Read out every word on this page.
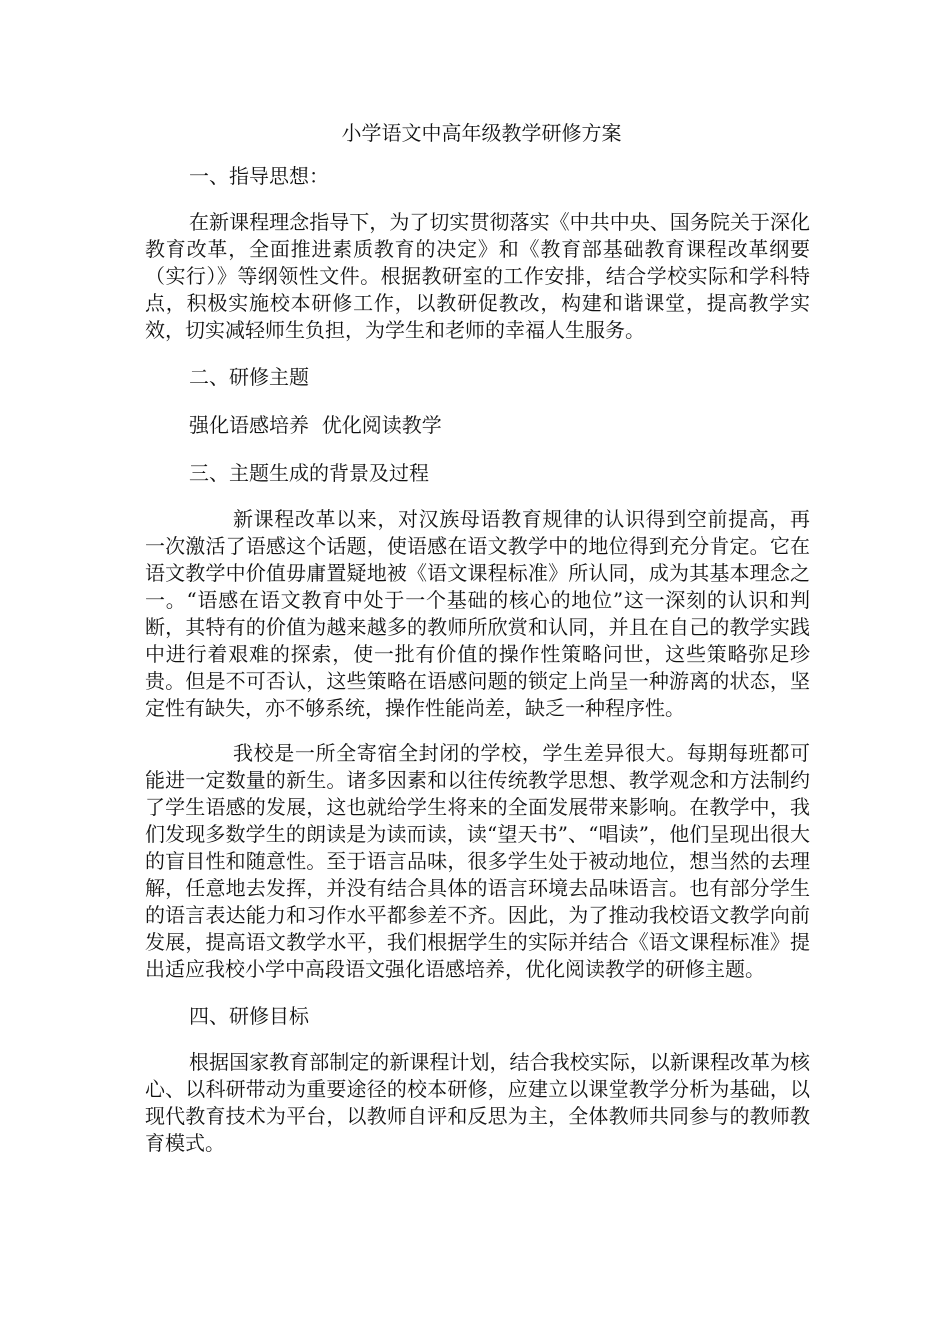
小学语文中高年级教学研修方案
一、指导思想：

在新课程理念指导下，为了切实贯彻落实《中共中央、国务院关于深化教育改革，全面推进素质教育的决定》和《教育部基础教育课程改革纲要（实行）》等纲领性文件。根据教研室的工作安排，结合学校实际和学科特点，积极实施校本研修工作，以教研促教改，构建和谐课堂，提高教学实效，切实减轻师生负担，为学生和老师的幸福人生服务。

二、研修主题
强化语感培养  优化阅读教学
三、主题生成的背景及过程

新课程改革以来，对汉族母语教育规律的认识得到空前提高，再一次激活了语感这个话题，使语感在语文教学中的地位得到充分肯定。它在语文教学中价值毋庸置疑地被《语文课程标准》所认同，成为其基本理念之一。“语感在语文教育中处于一个基础的核心的地位”这一深刻的认识和判断，其特有的价值为越来越多的教师所欣赏和认同，并且在自己的教学实践中进行着艰难的探索，使一批有价值的操作性策略问世，这些策略弥足珍贵。但是不可否认，这些策略在语感问题的锁定上尚呈一种游离的状态，坚定性有缺失，亦不够系统，操作性能尚差，缺乏一种程序性。

我校是一所全寄宿全封闭的学校，学生差异很大。每期每班都可能进一定数量的新生。诸多因素和以往传统教学思想、教学观念和方法制约了学生语感的发展，这也就给学生将来的全面发展带来影响。在教学中，我们发现多数学生的朗读是为读而读，读“望天书”、“唱读”，他们呈现出很大的盲目性和随意性。至于语言品味，很多学生处于被动地位，想当然的去理解，任意地去发挥，并没有结合具体的语言环境去品味语言。也有部分学生的语言表达能力和习作水平都参差不齐。因此，为了推动我校语文教学向前发展，提高语文教学水平，我们根据学生的实际并结合《语文课程标准》提出适应我校小学中高段语文强化语感培养，优化阅读教学的研修主题。

四、研修目标

根据国家教育部制定的新课程计划，结合我校实际，以新课程改革为核心、以科研带动为重要途径的校本研修，应建立以课堂教学分析为基础，以现代教育技术为平台，以教师自评和反思为主，全体教师共同参与的教师教育模式。
